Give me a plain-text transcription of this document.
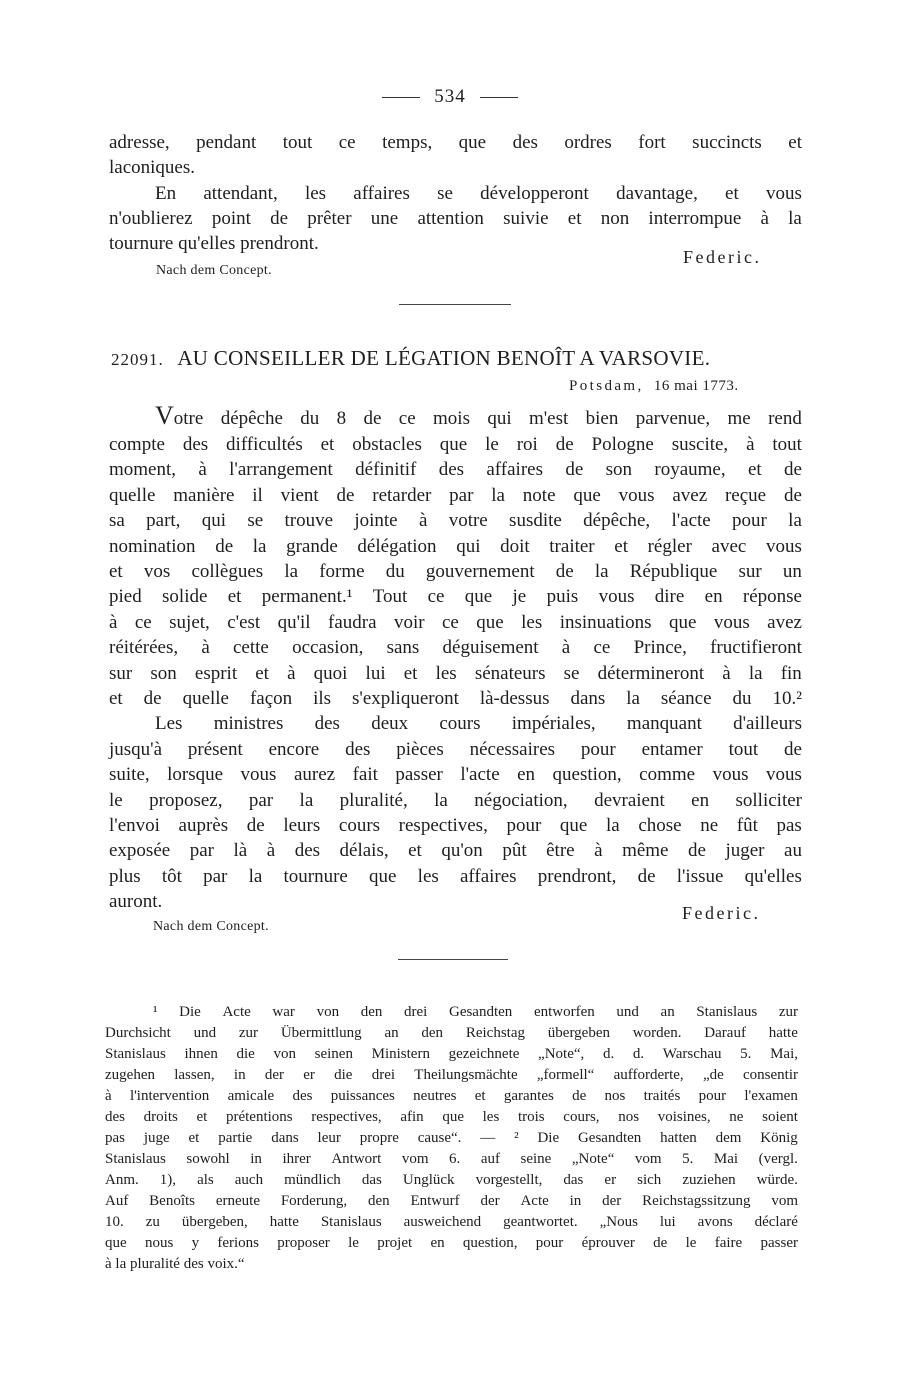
534
adresse, pendant tout ce temps, que des ordres fort succincts et
laconiques.
En attendant, les affaires se développeront davantage, et vous
n'oublierez point de prêter une attention suivie et non interrompue à la
tournure qu'elles prendront.
Federic.
Nach dem Concept.
22091. AU CONSEILLER DE LÉGATION BENOÎT A VARSOVIE.
Potsdam, 16 mai 1773.
V otre dépêche du 8 de ce mois qui m'est bien parvenue, me rend
compte des difficultés et obstacles que le roi de Pologne suscite, à tout
moment, à l'arrangement définitif des affaires de son royaume, et de
quelle manière il vient de retarder par la note que vous avez reçue de
sa part, qui se trouve jointe à votre susdite dépêche, l'acte pour la
nomination de la grande délégation qui doit traiter et régler avec vous
et vos collègues la forme du gouvernement de la République sur un
pied solide et permanent.¹ Tout ce que je puis vous dire en réponse
à ce sujet, c'est qu'il faudra voir ce que les insinuations que vous avez
réitérées, à cette occasion, sans déguisement à ce Prince, fructifieront
sur son esprit et à quoi lui et les sénateurs se détermineront à la fin
et de quelle façon ils s'expliqueront là-dessus dans la séance du 10.²
Les ministres des deux cours impériales, manquant d'ailleurs
jusqu'à présent encore des pièces nécessaires pour entamer tout de
suite, lorsque vous aurez fait passer l'acte en question, comme vous vous
le proposez, par la pluralité, la négociation, devraient en solliciter
l'envoi auprès de leurs cours respectives, pour que la chose ne fût pas
exposée par là à des délais, et qu'on pût être à même de juger au
plus tôt par la tournure que les affaires prendront, de l'issue qu'elles
auront.
Federic.
Nach dem Concept.
¹ Die Acte war von den drei Gesandten entworfen und an Stanislaus zur
Durchsicht und zur Übermittlung an den Reichstag übergeben worden. Darauf hatte
Stanislaus ihnen die von seinen Ministern gezeichnete „Note“, d. d. Warschau 5. Mai,
zugehen lassen, in der er die drei Theilungsmächte „formell“ aufforderte, „de consentir
à l'intervention amicale des puissances neutres et garantes de nos traités pour l'examen
des droits et prétentions respectives, afin que les trois cours, nos voisines, ne soient
pas juge et partie dans leur propre cause“. — ² Die Gesandten hatten dem König
Stanislaus sowohl in ihrer Antwort vom 6. auf seine „Note“ vom 5. Mai (vergl.
Anm. 1), als auch mündlich das Unglück vorgestellt, das er sich zuziehen würde.
Auf Benoîts erneute Forderung, den Entwurf der Acte in der Reichstagssitzung vom
10. zu übergeben, hatte Stanislaus ausweichend geantwortet. „Nous lui avons déclaré
que nous y ferions proposer le projet en question, pour éprouver de le faire passer
à la pluralité des voix.“
